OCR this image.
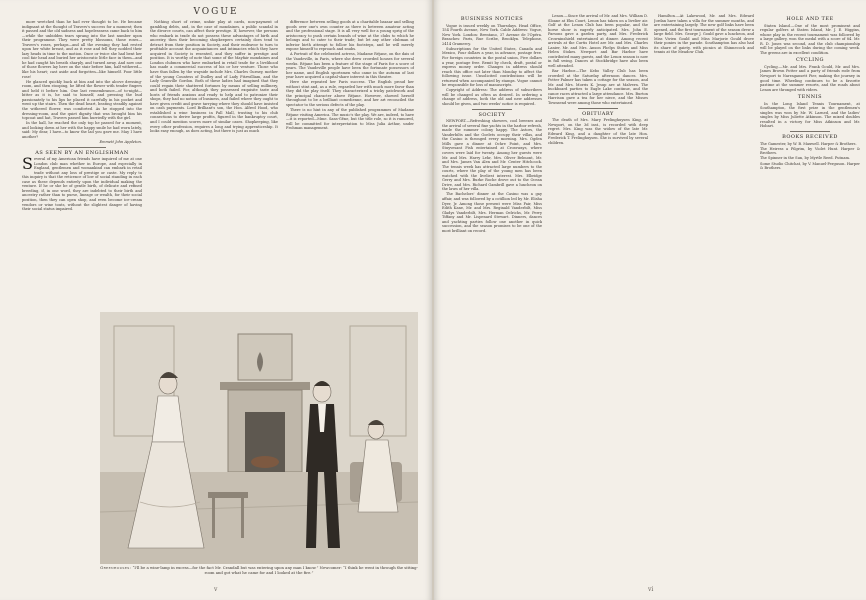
VOGUE

more wretched than he had ever thought to be. He became indignant at the thought of Travers's success for a moment; then it passed and the old sadness and hopelessness came back to him—while the unbidden tears sprang into the last number upon their programme. They were pretty blossoms, those roses—Travers's roses, perhaps—and all the evening they had rested upon her white breast, and as it rose and fell they nodded their lazy heads in time to the motion. Once or twice she had bent her cool fair head and buried her aristocratic little face in them—and he had caught his breath sharply, and turned away. And now one of those flowers lay here on the stair before him, half withered—like his heart; cast aside and forgotten—like himself. Poor little rose!

He glanced quickly back at him and into the alcove dressing-room, and then stooping, he lifted the flower with tender fingers and held it before him. One last remembrance—of to-night—bitter as it is, he said to himself, and pressing the bud passionately to his lips he placed it carefully in his pocket and went up the stairs. Then the dead heart, beating steadily against the withered flower, was comforted. As he stopped into the dressing-room, and the quiet dignity that was brought him his topcoat and hat, Travers passed him hurriedly with the girl.

In the hall, he reached the only top he passed for a moment, and looking down at her with the happy smile he had worn lately, said: My dear, I have—to know the lad you gave me. May I have another?

Emmett John Appleton.

AS SEEN BY AN ENGLISHMAN

Several of my American friends have inquired of me at one London club man whether in Europe, and especially in England, gentlemen and womankind can embark in retail trade without any loss of prestige or caste. My reply to this inquiry is that the reticence of low of social standing in each case as these depends entirely upon the individual making the venture. If he or she be of gentle birth, of delicate and refined breeding, if, in one word, they are indebted to their birth and ancestry rather than to purse, lineage or wealth, for their social position, then they can open shop, and even become ice-cream vendors or wine touts, without the slightest danger of having their social status impaired.

Nothing short of crime, unfair play at cards, non-payment of gambling debts, and, in the case of mondaines, a public scandal in the divorce courts, can affect their prestige. If, however, the persons who embark in trade do not possess these advantages of birth and ancestry, then their becoming shopkeepers certainly does tend to detract from their position in Society, and their endeavor to turn to profitable account the acquaintances and intimacies which they have acquired in Society is resented, and they suffer in prestige and position. It is worthy of note that some of the Mayfair mondaines and London clubmen who have embarked in retail trade for a livelihood has made a commercial success of his or her venture. Those who have thus fallen by the wayside include Mrs. Charles Gurney, mother of the young Countess of Dudley and of Lady Fitzwilliam, and the Lady Granville Gordon. Both of these ladies had imagined that they could regain their shattered fortunes by means of selling millinery, and both failed. For, although they possessed exquisite taste and hosts of friends anxious and ready to help and to patronize their shops, they had no notion of business, and failed where they ought to have given credit and grave tarrying where they should have insisted on cash payments. Lord Brilliant's son, the Hon. Alfred Hood, who established a wine business in Pall Mall, trusting to his club connections to derive large profits, figured in the bankruptcy court, and I could mention scores more of similar cases. Shopkeeping, like every other profession, requires a long and trying apprenticeship. It looks easy enough, as does acting, but there is just as much

difference between selling goods at a charitable bazaar and selling goods over one's own counter as there is between amateur acting and the professional stage. It is all very well for a young sprig of the aristocracy to push certain brands of wine at the clubs to which he belongs and to cater to their trade; but let any other clubman of inferior birth attempt to follow his footsteps, and he will merely expose himself to reproach and snubs.

A Portrait of the celebrated actress, Madame Réjane, on the dais of the Vaudeville, in Paris, where she drew crowded houses for several weeks. Réjane has been a feature of the stage of Paris for a score of years. The Vaudeville people have been the fortunate possessors of her name, and English sportsmen who came in the autumn of last year have acquired a capital-share interest in this theatre.

Here she repeated her Paris success. The English proud her without stint and, as a rule, regarded her with much more favor than they did the play itself. They characterized a tricky patchwork and the principal character above Réjane. However, showed herself throughout to be a brilliant comedienne, and her art reconciled the spectator to the serious defects of the play.

There is no hint in any of the published programmes of Madame Réjane visiting America. The music's the play. We are, indeed, to have—it is reported—Mme. Sans-Gêne, but the title role, so it is rumored, will be committed for interpretation to Miss Julia Arthur, under Frohman management.

Greenhouses: “I'll be a wine-lamp in excess—for the fact Mr. Crandall but was entering upon any man I know.” Newcomer: “I think he went in through the sitting-room and got what he came for and I looked at the fire.”
v

BUSINESS NOTICES

Vogue is issued weekly on Thursdays. Head Office, 154 Fourth Avenue, New York. Cable Address: Vogue, New York. London: Brentano, 37 Avenue de l'Opéra. Branches: Paris, Rue Scribe, Brooklyn. Telephone, 2414 Gramercy.

Subscriptions for the United States, Canada and Mexico, Four dollars a year, in advance, postage free. For foreign countries in the postal union, Five dollars a year, postage free. Remit by check, draft, postal or express money order. Changes in address should reach this office not later than Monday to affect the following issue. Unsolicited contributions will be returned when accompanied by stamps. Vogue cannot be responsible for loss of manuscripts.

Copyright of Address: The address of subscribers will be changed as often as desired. In ordering a change of address, both the old and new addresses should be given, and two weeks' notice is required.

SOCIETY

NEWPORT.—Refreshing showers, cool breezes and the arrival of several fine yachts in the harbor refresh, made the summer colony happy. The Astors, the Vanderbilts and the Goelets occupy their villas, and the Casino is thronged every morning. Mrs. Ogden Mills gave a dinner at Ochre Point, and Mrs. Stuyvesant Fish entertained at Crossways, where covers were laid for twenty. Among her guests were Mr. and Mrs. Harry Lehr, Mrs. Oliver Belmont, Mr. and Mrs. James Van Alen and Mr. Center Hitchcock. The tennis week has attracted large numbers to the courts, where the play of the young men has been watched with the liveliest interest. Mrs. Elbridge Gerry and Mrs. Burke Roche drove out to the Ocean Drive, and Mrs. Richard Gambrill gave a luncheon on the lawn of her villa.

The Bachelors' dinner at the Casino was a gay affair, and was followed by a cotillion led by Mr. Elisha Dyer, Jr. Among those present were Miss Fair, Miss Edith Kane, Mr. and Mrs. Reginald Vanderbilt, Miss Gladys Vanderbilt, Mrs. Herman Oelrichs, Mr. Perry Tiffany and Mr. Lispenard Stewart. Dinners, dances and yachting parties follow one another in quick succession, and the season promises to be one of the most brilliant on record.

Lenox.—Since the arrival of Mr. and Mrs. William D. Sloane at Elm Court, Lenox has taken on a livelier air. Golf at the Lenox Club has been popular, and the horse show is eagerly anticipated. Mrs. John E. Parsons gave a garden party, and Mrs. Frederick Crowninshield entertained at dinner. Among recent arrivals at the Curtis Hotel are Mr. and Mrs. Charles Lanier, Mr. and Mrs. Anson Phelps Stokes and Miss Helen Stokes. Newport and Bar Harbor have contributed many guests, and the Lenox season is now in full swing. Dances at Stockbridge have also been well attended.

Bar Harbor.—The Kebo Valley Club has been crowded at the Saturday afternoon dances. Mrs. Potter Palmer has taken a cottage for the season, and Mr. and Mrs. Morris K. Jesup are at Malvern. The buckboard parties to Eagle Lake continue, and the canoe races attracted a large attendance. Mrs. Burton Harrison gave a tea for her niece, and the Misses Townsend were among those who entertained.

OBITUARY

The death of Mrs. Mary Frelinghuysen King, at Newport, on the 3d inst., is recorded with deep regret. Mrs. King was the widow of the late Mr. Edward King, and a daughter of the late Hon. Frederick T. Frelinghuysen. She is survived by several children.

Hamilton.—At Lakewood, Mr. and Mrs. Edward Jordan have taken a villa for the summer months, and are entertaining largely. The new golf links have been opened, and the first tournament of the season drew a large field. Mrs. George J. Gould gave a luncheon, and Miss Vivien Gould and Miss Marjorie Gould drove their ponies in the parade. Southampton has also had its share of gaiety, with picnics at Shinnecock and tennis at the Meadow Club.

HOLE AND TEE

Staten Island.—One of the most prominent and regular golfers at Staten Island, Mr. J. E. Higgins, whose play in the recent tournament was followed by a large gallery, won the medal with a score of 84. Mr. R. D. Jones was second, and the club championship will be played on the links during the coming week. The greens are in excellent condition.

CYCLING

Cycling.—Mr. and Mrs. Frank Gould, Mr. and Mrs. James Brown Potter and a party of friends rode from Newport to Narragansett Pier, making the journey in good time. Wheeling continues to be a favorite pastime at the summer resorts, and the roads about Lenox are thronged with riders.

TENNIS

In the Long Island Tennis Tournament, at Southampton, the first prize in the gentlemen's singles was won by Mr. W. Larned, and the ladies' singles by Miss Juliette Atkinson. The mixed doubles resulted in a victory for Miss Atkinson and Mr. Hobart.

BOOKS RECEIVED

The Gamester, by W. B. Maxwell. Harper & Brothers.

The Heiress a Pilgrim, by Violet Hunt. Harper & Brothers.

The Spinner in the Sun, by Myrtle Reed. Putnam.

Some Studio Chitchat, by V. Manuel-Ferguson. Harper & Brothers.

vi
